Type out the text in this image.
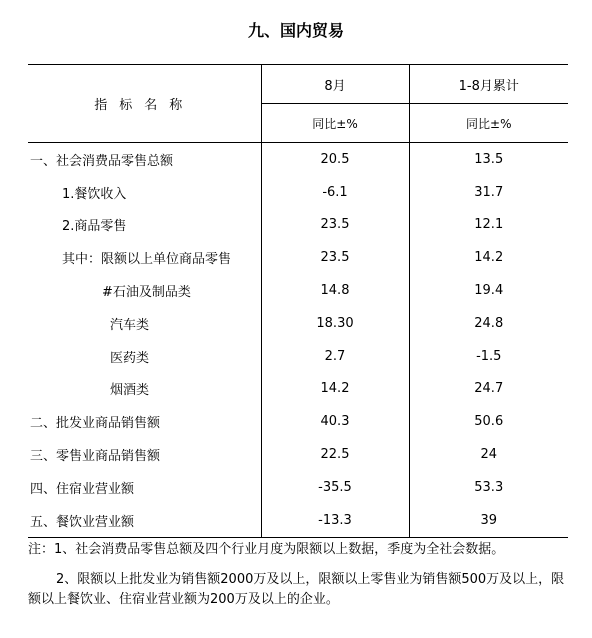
九、国内贸易
指标名称	8月	1-8月累计
	同比±%	同比±%
一、社会消费品零售总额	20.5	13.5
1.餐饮收入	-6.1	31.7
2.商品零售	23.5	12.1
其中：限额以上单位商品零售	23.5	14.2
#石油及制品类	14.8	19.4
汽车类	18.30	24.8
医药类	2.7	-1.5
烟酒类	14.2	24.7
二、批发业商品销售额	40.3	50.6
三、零售业商品销售额	22.5	24
四、住宿业营业额	-35.5	53.3
五、餐饮业营业额	-13.3	39

注：1、社会消费品零售总额及四个行业月度为限额以上数据，季度为全社会数据。

2、限额以上批发业为销售额2000万及以上，限额以上零售业为销售额500万及以上，限额以上餐饮业、住宿业营业额为200万及以上的企业。
